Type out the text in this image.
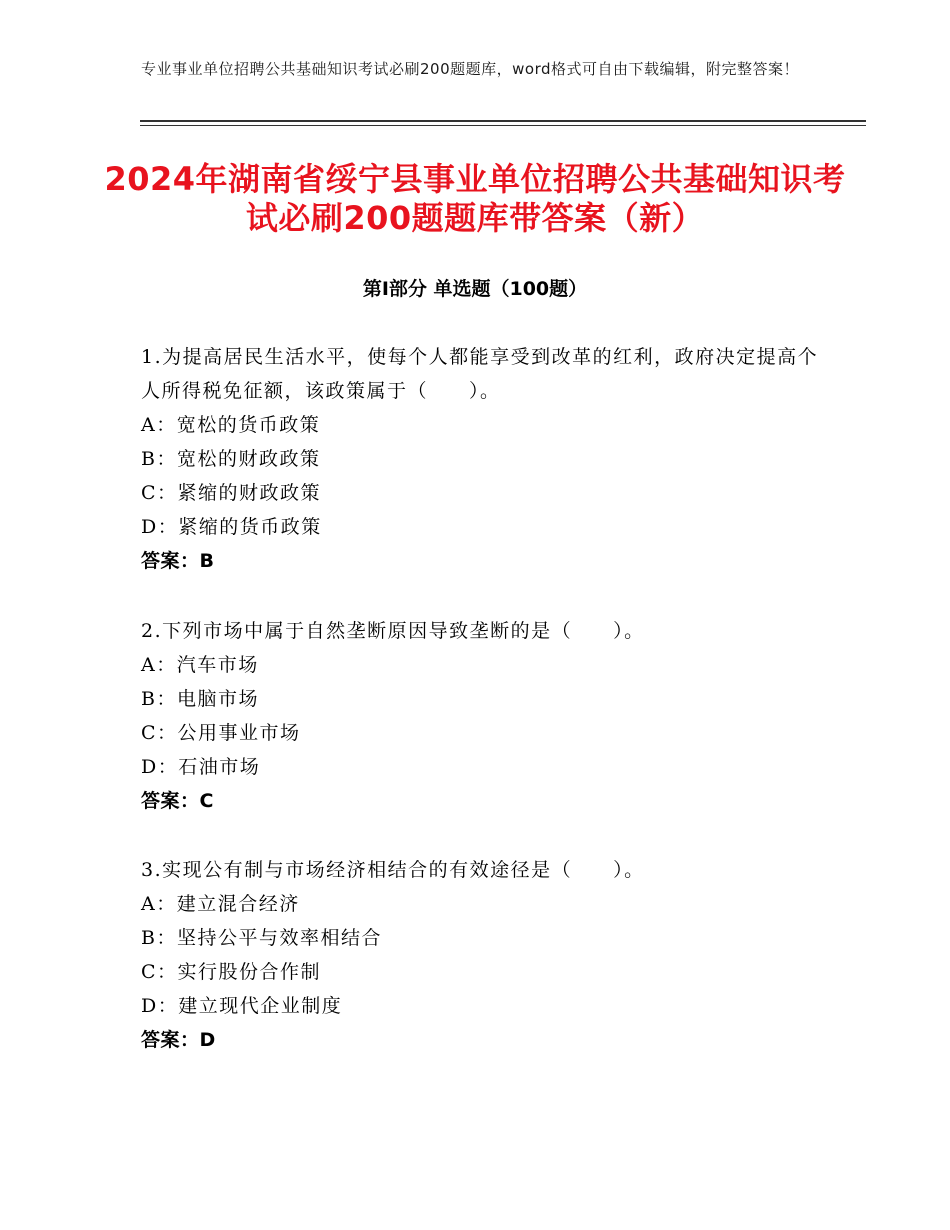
专业事业单位招聘公共基础知识考试必刷200题题库，word格式可自由下载编辑，附完整答案！
2024年湖南省绥宁县事业单位招聘公共基础知识考试必刷200题题库带答案（新）
第Ⅰ部分 单选题（100题）
1.为提高居民生活水平，使每个人都能享受到改革的红利，政府决定提高个人所得税免征额，该政策属于（　　）。
A：宽松的货币政策
B：宽松的财政政策
C：紧缩的财政政策
D：紧缩的货币政策
答案：B
2.下列市场中属于自然垄断原因导致垄断的是（　　）。
A：汽车市场
B：电脑市场
C：公用事业市场
D：石油市场
答案：C
3.实现公有制与市场经济相结合的有效途径是（　　）。
A：建立混合经济
B：坚持公平与效率相结合
C：实行股份合作制
D：建立现代企业制度
答案：D
